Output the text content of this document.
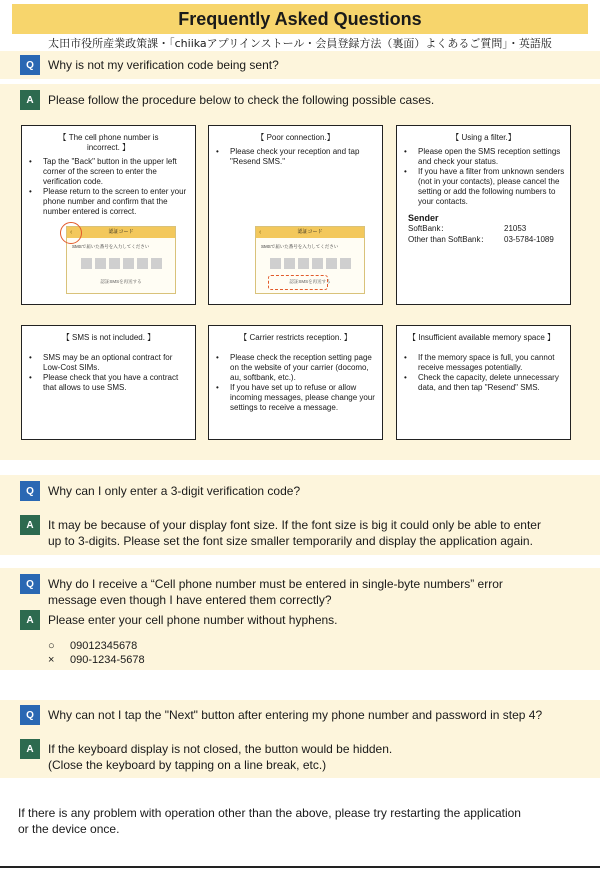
Frequently Asked Questions
太田市役所産業政策課・「chiikaアプリインストール・会員登録方法（裏面）よくあるご質問」・英語版
Q	Why is not my verification code being sent?
A	Please follow the procedure below to check the following possible cases.
【 The cell phone number is incorrect. 】
• Tap the "Back" button in the upper left corner of the screen to enter the verification code.
• Please return to the screen to enter your phone number and confirm that the number entered is correct.
‹	認証コード
SMSで届いた番号を入力してください
認証SMSを再送する
【 Poor connection.】
• Please check your reception and tap "Resend SMS."
‹	認証コード
SMSで届いた番号を入力してください
認証SMSを再送する
【 Using a filter.】
• Please open the SMS reception settings and check your status.
• If you have a filter from unknown senders (not in your contacts), please cancel the setting or add the following numbers to your contacts.
Sender
SoftBank：	21053
Other than SoftBank：	03-5784-1089
【 SMS is not included. 】
• SMS may be an optional contract for Low-Cost SIMs.
• Please check that you have a contract that allows to use SMS.
【 Carrier restricts reception. 】
• Please check the reception setting page on the website of your carrier (docomo, au, softbank, etc.).
• If you have set up to refuse or allow incoming messages, please change your settings to receive a message.
【 Insufficient available memory space 】
• If the memory space is full, you cannot receive messages potentially.
• Check the capacity, delete unnecessary data, and then tap "Resend" SMS.
Q	Why can I only enter a 3-digit verification code?
A	It may be because of your display font size. If the font size is big it could only be able to enter
up to 3-digits. Please set the font size smaller temporarily and display the application again.
Q	Why do I receive a “Cell phone number must be entered in single-byte numbers” error
message even though I have entered them correctly?
A	Please enter your cell phone number without hyphens.
○	09012345678
×	090-1234-5678
Q	Why can not I tap the "Next" button after entering my phone number and password in step 4?
A	If the keyboard display is not closed, the button would be hidden.
(Close the keyboard by tapping on a line break, etc.)
If there is any problem with operation other than the above, please try restarting the application
or the device once.
